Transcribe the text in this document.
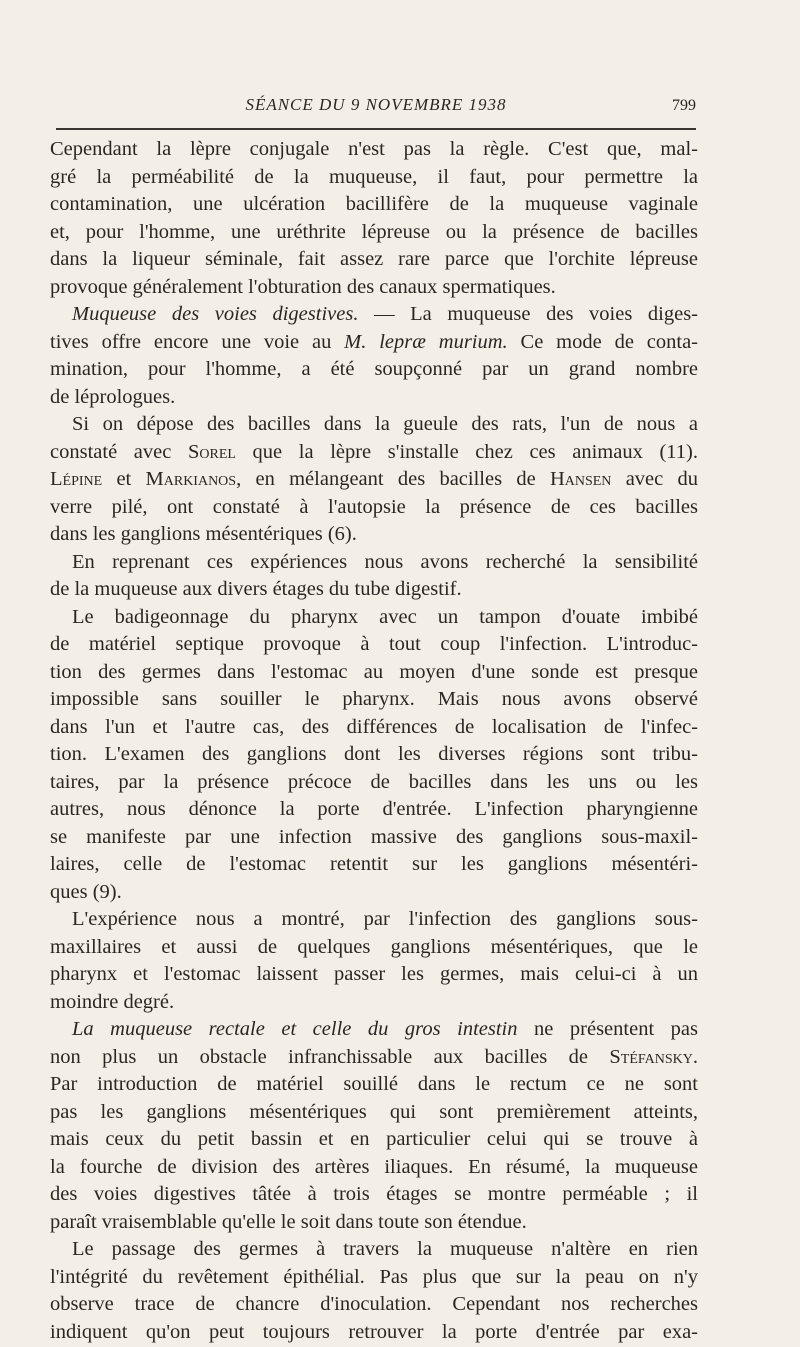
SÉANCE DU 9 NOVEMBRE 1938	799

Cependant la lèpre conjugale n'est pas la règle. C'est que, mal-
gré la perméabilité de la muqueuse, il faut, pour permettre la
contamination, une ulcération bacillifère de la muqueuse vaginale
et, pour l'homme, une uréthrite lépreuse ou la présence de bacilles
dans la liqueur séminale, fait assez rare parce que l'orchite lépreuse
provoque généralement l'obturation des canaux spermatiques.

Muqueuse des voies digestives. — La muqueuse des voies diges-
tives offre encore une voie au M. lepræ murium. Ce mode de conta-
mination, pour l'homme, a été soupçonné par un grand nombre
de léprologues.

Si on dépose des bacilles dans la gueule des rats, l'un de nous a
constaté avec Sorel que la lèpre s'installe chez ces animaux (11).
Lépine et Markianos, en mélangeant des bacilles de Hansen avec du
verre pilé, ont constaté à l'autopsie la présence de ces bacilles
dans les ganglions mésentériques (6).

En reprenant ces expériences nous avons recherché la sensibilité
de la muqueuse aux divers étages du tube digestif.

Le badigeonnage du pharynx avec un tampon d'ouate imbibé
de matériel septique provoque à tout coup l'infection. L'introduc-
tion des germes dans l'estomac au moyen d'une sonde est presque
impossible sans souiller le pharynx. Mais nous avons observé
dans l'un et l'autre cas, des différences de localisation de l'infec-
tion. L'examen des ganglions dont les diverses régions sont tribu-
taires, par la présence précoce de bacilles dans les uns ou les
autres, nous dénonce la porte d'entrée. L'infection pharyngienne
se manifeste par une infection massive des ganglions sous-maxil-
laires, celle de l'estomac retentit sur les ganglions mésentéri-
ques (9).

L'expérience nous a montré, par l'infection des ganglions sous-
maxillaires et aussi de quelques ganglions mésentériques, que le
pharynx et l'estomac laissent passer les germes, mais celui-ci à un
moindre degré.

La muqueuse rectale et celle du gros intestin ne présentent pas
non plus un obstacle infranchissable aux bacilles de Stéfansky.
Par introduction de matériel souillé dans le rectum ce ne sont
pas les ganglions mésentériques qui sont premièrement atteints,
mais ceux du petit bassin et en particulier celui qui se trouve à
la fourche de division des artères iliaques. En résumé, la muqueuse
des voies digestives tâtée à trois étages se montre perméable ; il
paraît vraisemblable qu'elle le soit dans toute son étendue.

Le passage des germes à travers la muqueuse n'altère en rien
l'intégrité du revêtement épithélial. Pas plus que sur la peau on n'y
observe trace de chancre d'inoculation. Cependant nos recherches
indiquent qu'on peut toujours retrouver la porte d'entrée par exa-
